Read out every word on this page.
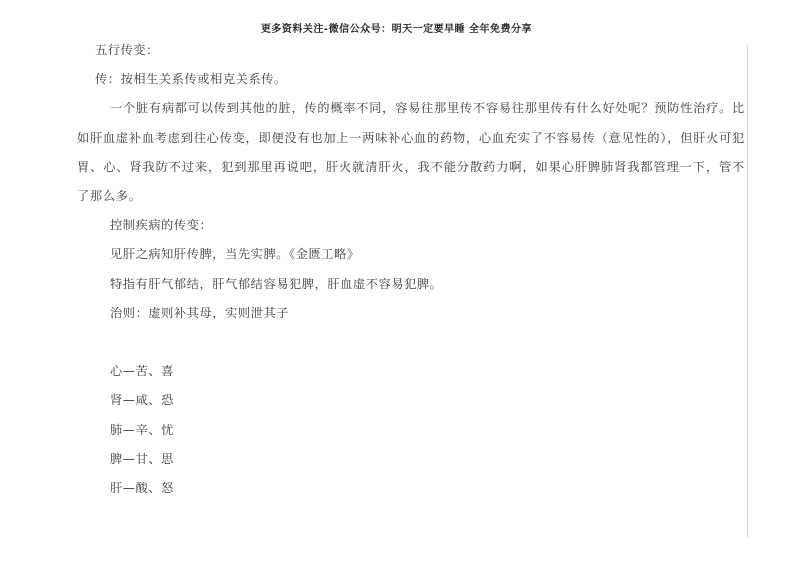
更多资料关注-微信公众号：明天一定要早睡 全年免费分享

五行传变：

传：按相生关系传或相克关系传。

一个脏有病都可以传到其他的脏，传的概率不同，容易往那里传不容易往那里传有什么好处呢？预防性治疗。比如肝血虚补血考虑到往心传变，即便没有也加上一两味补心血的药物，心血充实了不容易传（意见性的），但肝火可犯胃、心、肾我防不过来，犯到那里再说吧，肝火就清肝火，我不能分散药力啊，如果心肝脾肺肾我都管理一下，管不了那么多。

控制疾病的传变：

见肝之病知肝传脾，当先实脾。《金匮工略》

特指有肝气郁结，肝气郁结容易犯脾，肝血虚不容易犯脾。

治则：虚则补其母，实则泄其子

心—苦、喜

肾—咸、恐

肺—辛、忧

脾—甘、思

肝—酸、怒
